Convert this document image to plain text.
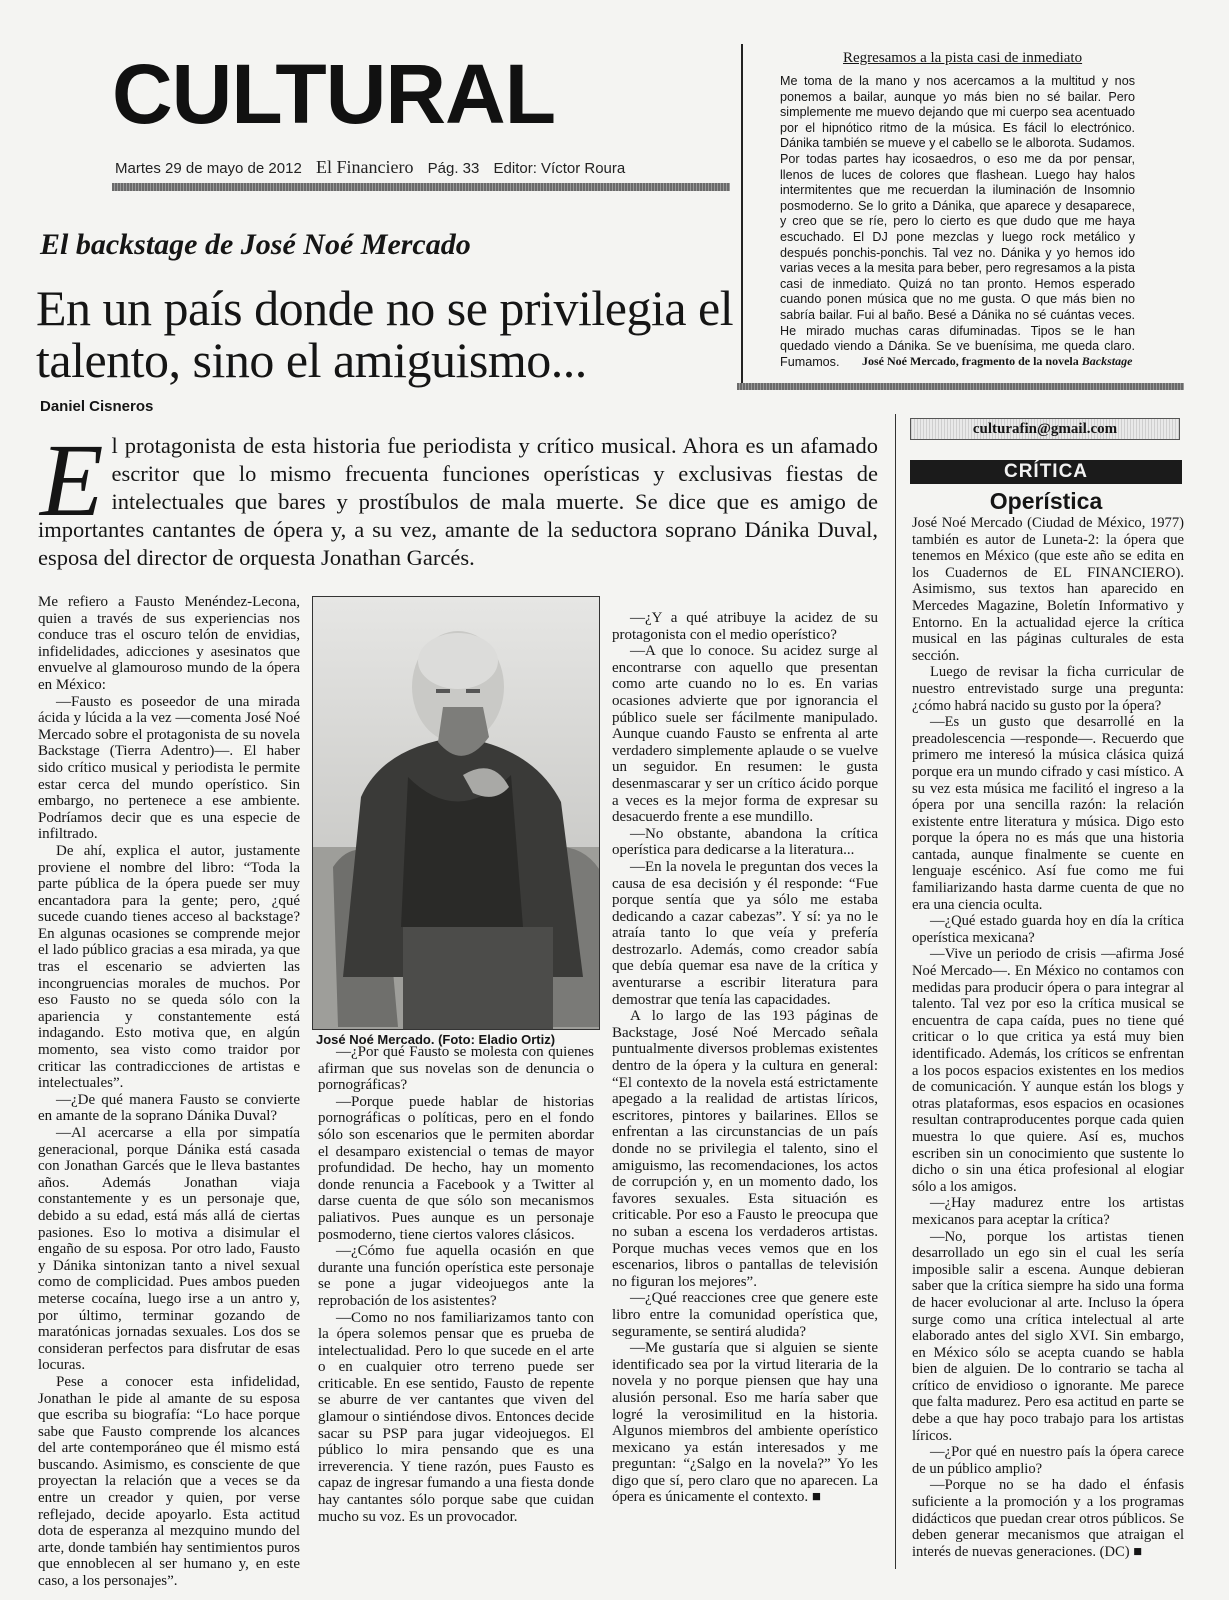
CULTURAL
Martes 29 de mayo de 2012 El Financiero Pág. 33 Editor: Víctor Roura
Regresamos a la pista casi de inmediato

Me toma de la mano y nos acercamos a la multitud y nos ponemos a bailar, aunque yo más bien no sé bailar. Pero simplemente me muevo dejando que mi cuerpo sea acentuado por el hipnótico ritmo de la música. Es fácil lo electrónico. Dánika también se mueve y el cabello se le alborota. Sudamos. Por todas partes hay icosaedros, o eso me da por pensar, llenos de luces de colores que flashean. Luego hay halos intermitentes que me recuerdan la iluminación de Insomnio posmoderno. Se lo grito a Dánika, que aparece y desaparece, y creo que se ríe, pero lo cierto es que dudo que me haya escuchado. El DJ pone mezclas y luego rock metálico y después ponchis-ponchis. Tal vez no. Dánika y yo hemos ido varias veces a la mesita para beber, pero regresamos a la pista casi de inmediato. Quizá no tan pronto. Hemos esperado cuando ponen música que no me gusta. O que más bien no sabría bailar. Fui al baño. Besé a Dánika no sé cuántas veces. He mirado muchas caras difuminadas. Tipos se le han quedado viendo a Dánika. Se ve buenísima, me queda claro. Fumamos.	José Noé Mercado, fragmento de la novela Backstage
El backstage de José Noé Mercado
En un país donde no se privilegia el talento, sino el amiguismo...
Daniel Cisneros

El protagonista de esta historia fue periodista y crítico musical. Ahora es un afamado escritor que lo mismo frecuenta funciones operísticas y exclusivas fiestas de intelectuales que bares y prostíbulos de mala muerte. Se dice que es amigo de importantes cantantes de ópera y, a su vez, amante de la seductora soprano Dánika Duval, esposa del director de orquesta Jonathan Garcés.

Me refiero a Fausto Menéndez-Lecona, quien a través de sus experiencias nos conduce tras el oscuro telón de envidias, infidelidades, adicciones y asesinatos que envuelve al glamouroso mundo de la ópera en México:

—Fausto es poseedor de una mirada ácida y lúcida a la vez —comenta José Noé Mercado sobre el protagonista de su novela Backstage (Tierra Adentro)—. El haber sido crítico musical y periodista le permite estar cerca del mundo operístico. Sin embargo, no pertenece a ese ambiente. Podríamos decir que es una especie de infiltrado.

De ahí, explica el autor, justamente proviene el nombre del libro: “Toda la parte pública de la ópera puede ser muy encantadora para la gente; pero, ¿qué sucede cuando tienes acceso al backstage? En algunas ocasiones se comprende mejor el lado público gracias a esa mirada, ya que tras el escenario se advierten las incongruencias morales de muchos. Por eso Fausto no se queda sólo con la apariencia y constantemente está indagando. Esto motiva que, en algún momento, sea visto como traidor por criticar las contradicciones de artistas e intelectuales”.

—¿De qué manera Fausto se convierte en amante de la soprano Dánika Duval?

—Al acercarse a ella por simpatía generacional, porque Dánika está casada con Jonathan Garcés que le lleva bastantes años. Además Jonathan viaja constantemente y es un personaje que, debido a su edad, está más allá de ciertas pasiones. Eso lo motiva a disimular el engaño de su esposa. Por otro lado, Fausto y Dánika sintonizan tanto a nivel sexual como de complicidad. Pues ambos pueden meterse cocaína, luego irse a un antro y, por último, terminar gozando de maratónicas jornadas sexuales. Los dos se consideran perfectos para disfrutar de esas locuras.

Pese a conocer esta infidelidad, Jonathan le pide al amante de su esposa que escriba su biografía: “Lo hace porque sabe que Fausto comprende los alcances del arte contemporáneo que él mismo está buscando. Asimismo, es consciente de que proyectan la relación que a veces se da entre un creador y quien, por verse reflejado, decide apoyarlo. Esta actitud dota de esperanza al mezquino mundo del arte, donde también hay sentimientos puros que ennoblecen al ser humano y, en este caso, a los personajes”.

José Noé Mercado. (Foto: Eladio Ortiz)

—¿Por qué Fausto se molesta con quienes afirman que sus novelas son de denuncia o pornográficas?

—Porque puede hablar de historias pornográficas o políticas, pero en el fondo sólo son escenarios que le permiten abordar el desamparo existencial o temas de mayor profundidad. De hecho, hay un momento donde renuncia a Facebook y a Twitter al darse cuenta de que sólo son mecanismos paliativos. Pues aunque es un personaje posmoderno, tiene ciertos valores clásicos.

—¿Cómo fue aquella ocasión en que durante una función operística este personaje se pone a jugar videojuegos ante la reprobación de los asistentes?

—Como no nos familiarizamos tanto con la ópera solemos pensar que es prueba de intelectualidad. Pero lo que sucede en el arte o en cualquier otro terreno puede ser criticable. En ese sentido, Fausto de repente se aburre de ver cantantes que viven del glamour o sintiéndose divos. Entonces decide sacar su PSP para jugar videojuegos. El público lo mira pensando que es una irreverencia. Y tiene razón, pues Fausto es capaz de ingresar fumando a una fiesta donde hay cantantes sólo porque sabe que cuidan mucho su voz. Es un provocador.

—¿Y a qué atribuye la acidez de su protagonista con el medio operístico?

—A que lo conoce. Su acidez surge al encontrarse con aquello que presentan como arte cuando no lo es. En varias ocasiones advierte que por ignorancia el público suele ser fácilmente manipulado. Aunque cuando Fausto se enfrenta al arte verdadero simplemente aplaude o se vuelve un seguidor. En resumen: le gusta desenmascarar y ser un crítico ácido porque a veces es la mejor forma de expresar su desacuerdo frente a ese mundillo.

—No obstante, abandona la crítica operística para dedicarse a la literatura...

—En la novela le preguntan dos veces la causa de esa decisión y él responde: “Fue porque sentía que ya sólo me estaba dedicando a cazar cabezas”. Y sí: ya no le atraía tanto lo que veía y prefería destrozarlo. Además, como creador sabía que debía quemar esa nave de la crítica y aventurarse a escribir literatura para demostrar que tenía las capacidades.

A lo largo de las 193 páginas de Backstage, José Noé Mercado señala puntualmente diversos problemas existentes dentro de la ópera y la cultura en general: “El contexto de la novela está estrictamente apegado a la realidad de artistas líricos, escritores, pintores y bailarines. Ellos se enfrentan a las circunstancias de un país donde no se privilegia el talento, sino el amiguismo, las recomendaciones, los actos de corrupción y, en un momento dado, los favores sexuales. Esta situación es criticable. Por eso a Fausto le preocupa que no suban a escena los verdaderos artistas. Porque muchas veces vemos que en los escenarios, libros o pantallas de televisión no figuran los mejores”.

—¿Qué reacciones cree que genere este libro entre la comunidad operística que, seguramente, se sentirá aludida?

—Me gustaría que si alguien se siente identificado sea por la virtud literaria de la novela y no porque piensen que hay una alusión personal. Eso me haría saber que logré la verosimilitud en la historia. Algunos miembros del ambiente operístico mexicano ya están interesados y me preguntan: “¿Salgo en la novela?” Yo les digo que sí, pero claro que no aparecen. La ópera es únicamente el contexto. ■

culturafin@gmail.com
CRÍTICA
Operística

José Noé Mercado (Ciudad de México, 1977) también es autor de Luneta-2: la ópera que tenemos en México (que este año se edita en los Cuadernos de EL FINANCIERO). Asimismo, sus textos han aparecido en Mercedes Magazine, Boletín Informativo y Entorno. En la actualidad ejerce la crítica musical en las páginas culturales de esta sección.

Luego de revisar la ficha curricular de nuestro entrevistado surge una pregunta: ¿cómo habrá nacido su gusto por la ópera?

—Es un gusto que desarrollé en la preadolescencia —responde—. Recuerdo que primero me interesó la música clásica quizá porque era un mundo cifrado y casi místico. A su vez esta música me facilitó el ingreso a la ópera por una sencilla razón: la relación existente entre literatura y música. Digo esto porque la ópera no es más que una historia cantada, aunque finalmente se cuente en lenguaje escénico. Así fue como me fui familiarizando hasta darme cuenta de que no era una ciencia oculta.

—¿Qué estado guarda hoy en día la crítica operística mexicana?

—Vive un periodo de crisis —afirma José Noé Mercado—. En México no contamos con medidas para producir ópera o para integrar al talento. Tal vez por eso la crítica musical se encuentra de capa caída, pues no tiene qué criticar o lo que critica ya está muy bien identificado. Además, los críticos se enfrentan a los pocos espacios existentes en los medios de comunicación. Y aunque están los blogs y otras plataformas, esos espacios en ocasiones resultan contraproducentes porque cada quien muestra lo que quiere. Así es, muchos escriben sin un conocimiento que sustente lo dicho o sin una ética profesional al elogiar sólo a los amigos.

—¿Hay madurez entre los artistas mexicanos para aceptar la crítica?

—No, porque los artistas tienen desarrollado un ego sin el cual les sería imposible salir a escena. Aunque debieran saber que la crítica siempre ha sido una forma de hacer evolucionar al arte. Incluso la ópera surge como una crítica intelectual al arte elaborado antes del siglo XVI. Sin embargo, en México sólo se acepta cuando se habla bien de alguien. De lo contrario se tacha al crítico de envidioso o ignorante. Me parece que falta madurez. Pero esa actitud en parte se debe a que hay poco trabajo para los artistas líricos.

—¿Por qué en nuestro país la ópera carece de un público amplio?

—Porque no se ha dado el énfasis suficiente a la promoción y a los programas didácticos que puedan crear otros públicos. Se deben generar mecanismos que atraigan el interés de nuevas generaciones. (DC) ■
